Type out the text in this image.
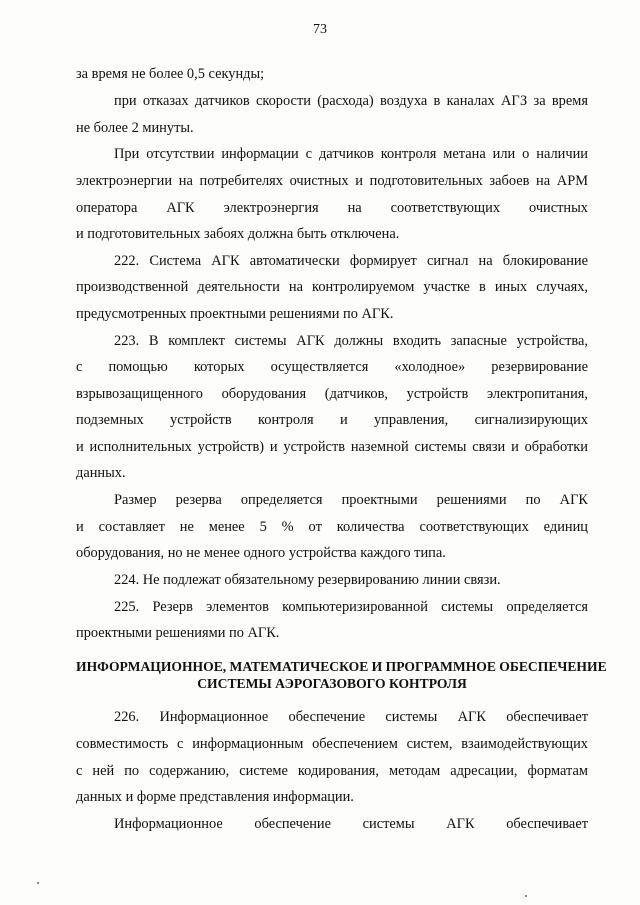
73
за время не более 0,5 секунды;
при отказах датчиков скорости (расхода) воздуха в каналах АГЗ за время
не более 2 минуты.
При отсутствии информации с датчиков контроля метана или о наличии
электроэнергии на потребителях очистных и подготовительных забоев на АРМ
оператора АГК электроэнергия на соответствующих очистных
и подготовительных забоях должна быть отключена.
222. Система АГК автоматически формирует сигнал на блокирование
производственной деятельности на контролируемом участке в иных случаях,
предусмотренных проектными решениями по АГК.
223. В комплект системы АГК должны входить запасные устройства,
с помощью которых осуществляется «холодное» резервирование
взрывозащищенного оборудования (датчиков, устройств электропитания,
подземных устройств контроля и управления, сигнализирующих
и исполнительных устройств) и устройств наземной системы связи и обработки
данных.
Размер резерва определяется проектными решениями по АГК
и составляет не менее 5 % от количества соответствующих единиц
оборудования, но не менее одного устройства каждого типа.
224. Не подлежат обязательному резервированию линии связи.
225. Резерв элементов компьютеризированной системы определяется
проектными решениями по АГК.
ИНФОРМАЦИОННОЕ, МАТЕМАТИЧЕСКОЕ И ПРОГРАММНОЕ ОБЕСПЕЧЕНИЕ
СИСТЕМЫ АЭРОГАЗОВОГО КОНТРОЛЯ
226. Информационное обеспечение системы АГК обеспечивает
совместимость с информационным обеспечением систем, взаимодействующих
с ней по содержанию, системе кодирования, методам адресации, форматам
данных и форме представления информации.
Информационное обеспечение системы АГК обеспечивает
